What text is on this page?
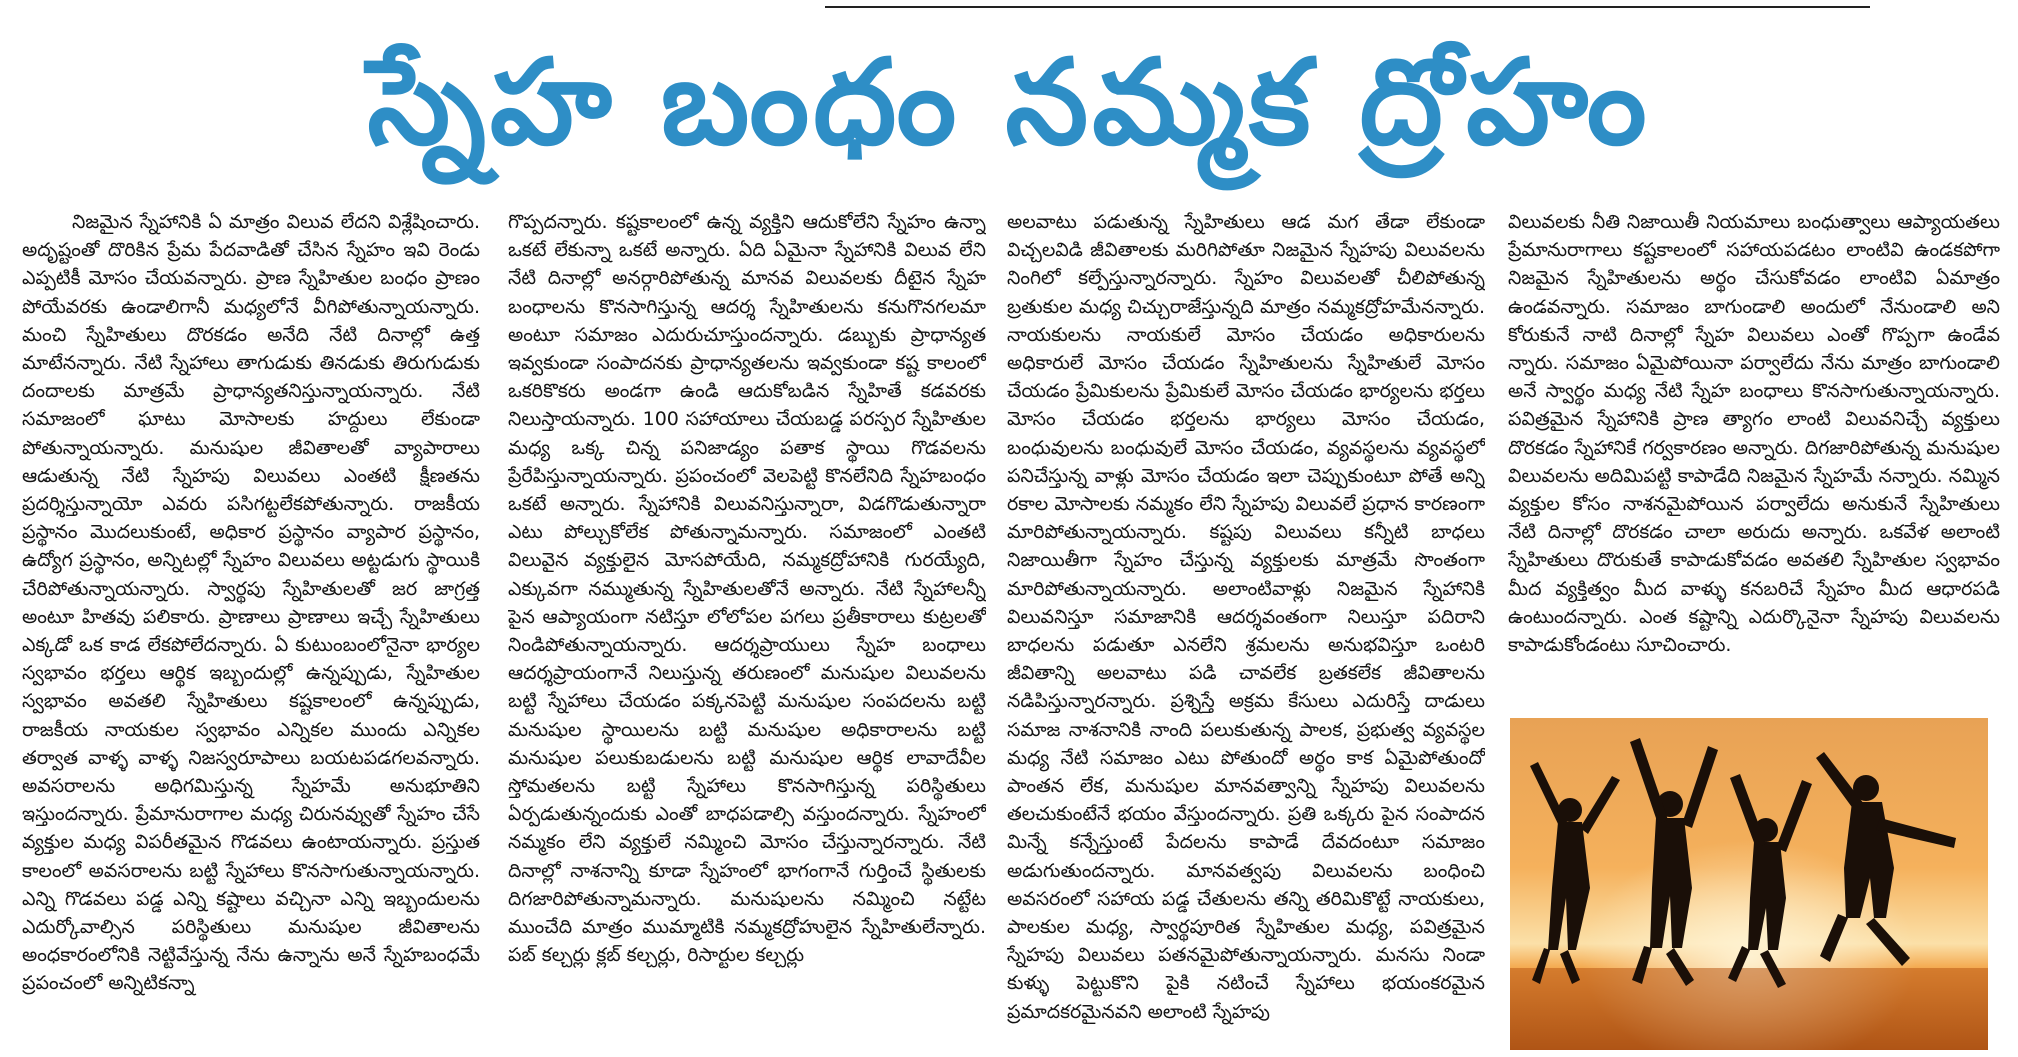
స్నేహ బంధం నమ్మక ద్రోహం

నిజమైన స్నేహానికి ఏ మాత్రం విలువ లేదని విశ్లేషించారు. అదృష్టంతో దొరికిన ప్రేమ పేదవాడితో చేసిన స్నేహం ఇవి రెండు ఎప్పటికీ మోసం చేయవన్నారు. ప్రాణ స్నేహితుల బంధం ప్రాణం పోయేవరకు ఉండాలిగానీ మధ్యలోనే వీగిపోతున్నాయన్నారు. మంచి స్నేహితులు దొరకడం అనేది నేటి దినాల్లో ఉత్త మాటేనన్నారు. నేటి స్నేహాలు తాగుడుకు తినడుకు తిరుగుడుకు దందాలకు మాత్రమే ప్రాధాన్యతనిస్తున్నాయన్నారు. నేటి సమాజంలో ఘాటు మోసాలకు హద్దులు లేకుండా పోతున్నాయన్నారు. మనుషుల జీవితాలతో వ్యాపారాలు ఆడుతున్న నేటి స్నేహపు విలువలు ఎంతటి క్షీణతను ప్రదర్శిస్తున్నాయో ఎవరు పసిగట్టలేకపోతున్నారు. రాజకీయ ప్రస్థానం మొదలుకుంటే, అధికార ప్రస్థానం వ్యాపార ప్రస్థానం, ఉద్యోగ ప్రస్థానం, అన్నిటల్లో స్నేహం విలువలు అట్టడుగు స్థాయికి చేరిపోతున్నాయన్నారు. స్వార్థపు స్నేహితులతో జర జాగ్రత్త అంటూ హితవు పలికారు. ప్రాణాలు ప్రాణాలు ఇచ్చే స్నేహితులు ఎక్కడో ఒక కాడ లేకపోలేదన్నారు. ఏ కుటుంబంలోనైనా భార్యల స్వభావం భర్తలు ఆర్థిక ఇబ్బందుల్లో ఉన్నప్పుడు, స్నేహితుల స్వభావం అవతలి స్నేహితులు కష్టకాలంలో ఉన్నప్పుడు, రాజకీయ నాయకుల స్వభావం ఎన్నికల ముందు ఎన్నికల తర్వాత వాళ్ళ వాళ్ళ నిజస్వరూపాలు బయటపడగలవన్నారు. అవసరాలను అధిగమిస్తున్న స్నేహమే అనుభూతిని ఇస్తుందన్నారు. ప్రేమానురాగాల మధ్య చిరునవ్వుతో స్నేహం చేసే వ్యక్తుల మధ్య విపరీతమైన గొడవలు ఉంటాయన్నారు. ప్రస్తుత కాలంలో అవసరాలను బట్టి స్నేహాలు కొనసాగుతున్నాయన్నారు. ఎన్ని గొడవలు పడ్డ ఎన్ని కష్టాలు వచ్చినా ఎన్ని ఇబ్బందులను ఎదుర్కోవాల్సిన పరిస్థితులు మనుషుల జీవితాలను అంధకారంలోనికి నెట్టివేస్తున్న నేను ఉన్నాను అనే స్నేహబంధమే ప్రపంచంలో అన్నిటికన్నా

గొప్పదన్నారు. కష్టకాలంలో ఉన్న వ్యక్తిని ఆదుకోలేని స్నేహం ఉన్నా ఒకటే లేకున్నా ఒకటే అన్నారు. ఏది ఏమైనా స్నేహానికి విలువ లేని నేటి దినాల్లో అనర్గారిపోతున్న మానవ విలువలకు దీటైన స్నేహ బంధాలను కొనసాగిస్తున్న ఆదర్శ స్నేహితులను కనుగొనగలమా అంటూ సమాజం ఎదురుచూస్తుందన్నారు. డబ్బుకు ప్రాధాన్యత ఇవ్వకుండా సంపాదనకు ప్రాధాన్యతలను ఇవ్వకుండా కష్ట కాలంలో ఒకరికొకరు అండగా ఉండి ఆదుకోబడిన స్నేహితే కడవరకు నిలుస్తాయన్నారు. 100 సహాయాలు చేయబడ్డ పరస్పర స్నేహితుల మధ్య ఒక్క చిన్న పనిజాడ్యం పతాక స్థాయి గొడవలను ప్రేరేపిస్తున్నాయన్నారు. ప్రపంచంలో వెలపెట్టి కొనలేనిది స్నేహబంధం ఒకటే అన్నారు. స్నేహానికి విలువనిస్తున్నారా, విడగొడుతున్నారా ఎటు పోల్చుకోలేక పోతున్నామన్నారు. సమాజంలో ఎంతటి విలువైన వ్యక్తులైన మోసపోయేది, నమ్మకద్రోహానికి గురయ్యేది, ఎక్కువగా నమ్ముతున్న స్నేహితులతోనే అన్నారు. నేటి స్నేహాలన్నీ పైన ఆప్యాయంగా నటిస్తూ లోలోపల పగలు ప్రతీకారాలు కుట్రలతో నిండిపోతున్నాయన్నారు. ఆదర్శప్రాయులు స్నేహ బంధాలు ఆదర్శప్రాయంగానే నిలుస్తున్న తరుణంలో మనుషుల విలువలను బట్టి స్నేహాలు చేయడం పక్కనపెట్టి మనుషుల సంపదలను బట్టి మనుషుల స్థాయిలను బట్టి మనుషుల అధికారాలను బట్టి మనుషుల పలుకుబడులను బట్టి మనుషుల ఆర్థిక లావాదేవీల స్తోమతలను బట్టి స్నేహాలు కొనసాగిస్తున్న పరిస్థితులు ఏర్పడుతున్నందుకు ఎంతో బాధపడాల్సి వస్తుందన్నారు. స్నేహంలో నమ్మకం లేని వ్యక్తులే నమ్మించి మోసం చేస్తున్నారన్నారు. నేటి దినాల్లో నాశనాన్ని కూడా స్నేహంలో భాగంగానే గుర్తించే స్థితులకు దిగజారిపోతున్నామన్నారు. మనుషులను నమ్మించి నట్టేట ముంచేది మాత్రం ముమ్మాటికి నమ్మకద్రోహులైన స్నేహితులేన్నారు. పబ్ కల్చర్లు క్లబ్ కల్చర్లు, రిసార్టుల కల్చర్లు

అలవాటు పడుతున్న స్నేహితులు ఆడ మగ తేడా లేకుండా విచ్చలవిడి జీవితాలకు మరిగిపోతూ నిజమైన స్నేహపు విలువలను నింగిలో కల్పేస్తున్నారన్నారు. స్నేహం విలువలతో చీలిపోతున్న బ్రతుకుల మధ్య చిచ్చురాజేస్తున్నది మాత్రం నమ్మకద్రోహమేనన్నారు. నాయకులను నాయకులే మోసం చేయడం అధికారులను అధికారులే మోసం చేయడం స్నేహితులను స్నేహితులే మోసం చేయడం ప్రేమికులను ప్రేమికులే మోసం చేయడం భార్యలను భర్తలు మోసం చేయడం భర్తలను భార్యలు మోసం చేయడం, బంధువులను బంధువులే మోసం చేయడం, వ్యవస్థలను వ్యవస్థలో పనిచేస్తున్న వాళ్లు మోసం చేయడం ఇలా చెప్పుకుంటూ పోతే అన్ని రకాల మోసాలకు నమ్మకం లేని స్నేహపు విలువలే ప్రధాన కారణంగా మారిపోతున్నాయన్నారు. కష్టపు విలువలు కన్నీటి బాధలు నిజాయితీగా స్నేహం చేస్తున్న వ్యక్తులకు మాత్రమే సొంతంగా మారిపోతున్నాయన్నారు. అలాంటివాళ్లు నిజమైన స్నేహానికి విలువనిస్తూ సమాజానికి ఆదర్శవంతంగా నిలుస్తూ పదిరాని బాధలను పడుతూ ఎనలేని శ్రమలను అనుభవిస్తూ ఒంటరి జీవితాన్ని అలవాటు పడి చావలేక బ్రతకలేక జీవితాలను నడిపిస్తున్నారన్నారు. ప్రశ్నిస్తే అక్రమ కేసులు ఎదురిస్తే దాడులు సమాజ నాశనానికి నాంది పలుకుతున్న పాలక, ప్రభుత్వ వ్యవస్థల మధ్య నేటి సమాజం ఎటు పోతుందో అర్థం కాక ఏమైపోతుందో పాంతన లేక, మనుషుల మానవత్వాన్ని స్నేహపు విలువలను తలచుకుంటేనే భయం వేస్తుందన్నారు. ప్రతి ఒక్కరు పైన సంపాదన మిన్నే కన్నేస్తుంటే పేదలను కాపాడే దేవదంటూ సమాజం అడుగుతుందన్నారు. మానవత్వపు విలువలను బంధించి అవసరంలో సహాయ పడ్డ చేతులను తన్ని తరిమికొట్టే నాయకులు, పాలకుల మధ్య, స్వార్థపూరిత స్నేహితుల మధ్య, పవిత్రమైన స్నేహపు విలువలు పతనమైపోతున్నాయన్నారు. మనసు నిండా కుళ్ళు పెట్టుకొని పైకి నటించే స్నేహాలు భయంకరమైన ప్రమాదకరమైనవని అలాంటి స్నేహపు

విలువలకు నీతి నిజాయితీ నియమాలు బంధుత్వాలు ఆప్యాయతలు ప్రేమానురాగాలు కష్టకాలంలో సహాయపడటం లాంటివి ఉండకపోగా నిజమైన స్నేహితులను అర్థం చేసుకోవడం లాంటివి ఏమాత్రం ఉండవన్నారు. సమాజం బాగుండాలి అందులో నేనుండాలి అని కోరుకునే నాటి దినాల్లో స్నేహ విలువలు ఎంతో గొప్పగా ఉండేవ న్నారు. సమాజం ఏమైపోయినా పర్వాలేదు నేను మాత్రం బాగుండాలి అనే స్వార్థం మధ్య నేటి స్నేహ బంధాలు కొనసాగుతున్నాయన్నారు. పవిత్రమైన స్నేహానికి ప్రాణ త్యాగం లాంటి విలువనిచ్చే వ్యక్తులు దొరకడం స్నేహానికే గర్వకారణం అన్నారు. దిగజారిపోతున్న మనుషుల విలువలను అదిమిపట్టి కాపాడేది నిజమైన స్నేహమే నన్నారు. నమ్మిన వ్యక్తుల కోసం నాశనమైపోయిన పర్వాలేదు అనుకునే స్నేహితులు నేటి దినాల్లో దొరకడం చాలా అరుదు అన్నారు. ఒకవేళ అలాంటి స్నేహితులు దొరుకుతే కాపాడుకోవడం అవతలి స్నేహితుల స్వభావం మీద వ్యక్తిత్వం మీద వాళ్ళు కనబరిచే స్నేహం మీద ఆధారపడి ఉంటుందన్నారు. ఎంత కష్టాన్ని ఎదుర్కొనైనా స్నేహపు విలువలను కాపాడుకోండంటు సూచించారు.
